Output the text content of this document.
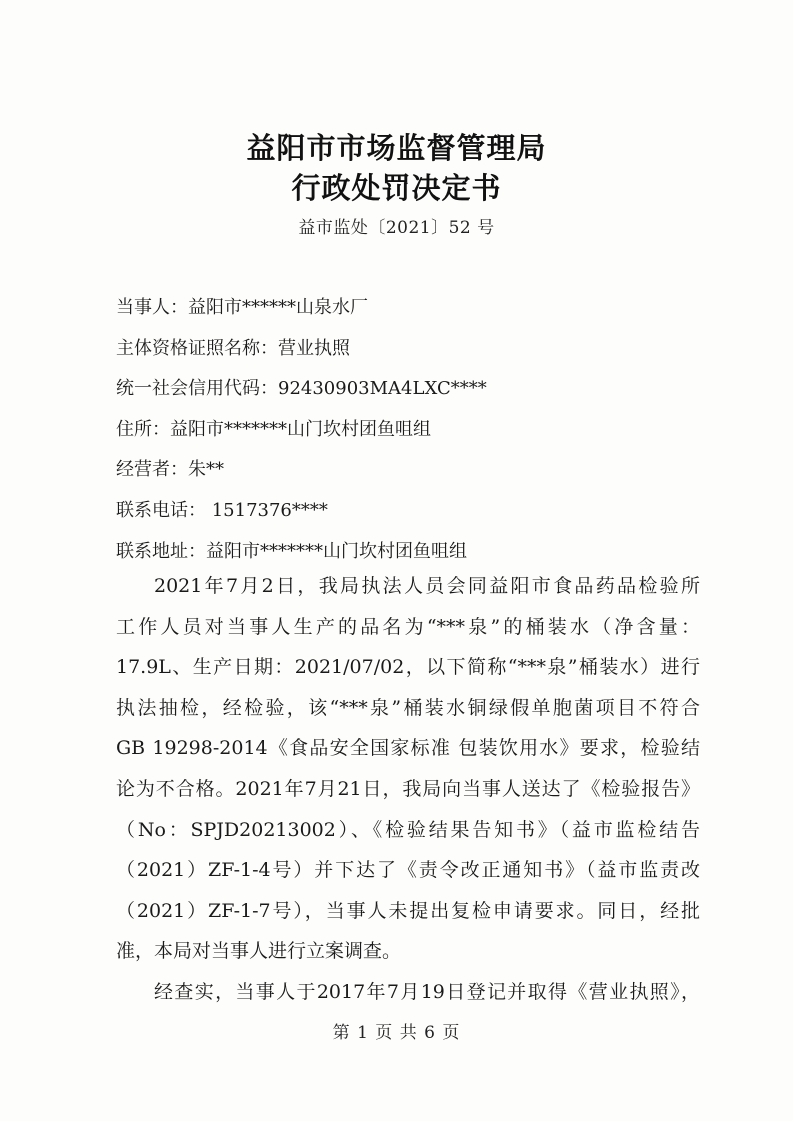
益阳市市场监督管理局
行政处罚决定书
益市监处〔2021〕52 号
当事人：益阳市******山泉水厂
主体资格证照名称：营业执照
统一社会信用代码：92430903MA4LXC****
住所：益阳市*******山门坎村团鱼咀组
经营者：朱**
联系电话： 1517376****
联系地址：益阳市*******山门坎村团鱼咀组
2021年7月2日，我局执法人员会同益阳市食品药品检验所
工作人员对当事人生产的品名为“***泉”的桶装水（净含量：
17.9L、生产日期：2021/07/02，以下简称“***泉”桶装水）进行
执法抽检，经检验，该“***泉”桶装水铜绿假单胞菌项目不符合
GB 19298-2014《食品安全国家标准 包装饮用水》要求，检验结
论为不合格。2021年7月21日，我局向当事人送达了《检验报告》
（No：SPJD20213002）、《检验结果告知书》（益市监检结告
（2021）ZF-1-4号）并下达了《责令改正通知书》（益市监责改
（2021）ZF-1-7号），当事人未提出复检申请要求。同日，经批
准，本局对当事人进行立案调查。
经查实，当事人于2017年7月19日登记并取得《营业执照》，
第 1 页 共 6 页
